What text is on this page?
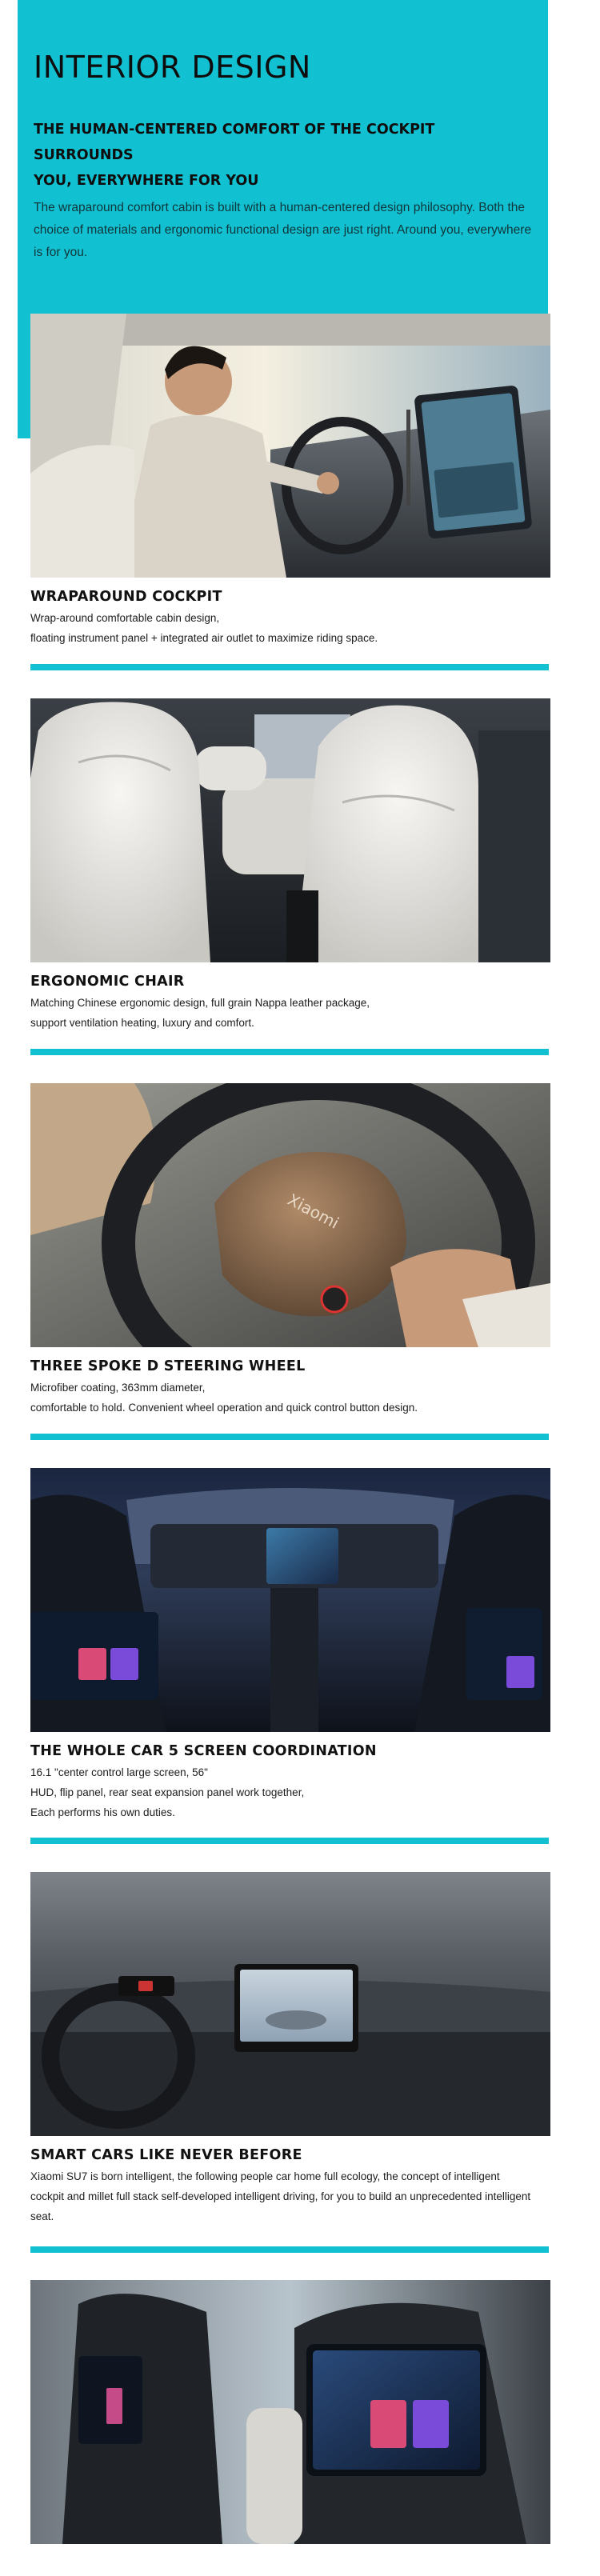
INTERIOR DESIGN
THE HUMAN-CENTERED COMFORT OF THE COCKPIT SURROUNDS
YOU, EVERYWHERE FOR YOU
The wraparound comfort cabin is built with a human-centered design philosophy. Both the
choice of materials and ergonomic functional design are just right. Around you, everywhere
is for you.
WRAPAROUND COCKPIT
Wrap-around comfortable cabin design,
floating instrument panel + integrated air outlet to maximize riding space.
ERGONOMIC CHAIR
Matching Chinese ergonomic design, full grain Nappa leather package,
support ventilation heating, luxury and comfort.
Xiaomi
THREE SPOKE D STEERING WHEEL
Microfiber coating, 363mm diameter,
comfortable to hold. Convenient wheel operation and quick control button design.
THE WHOLE CAR 5 SCREEN COORDINATION
16.1 "center control large screen, 56"
HUD, flip panel, rear seat expansion panel work together,
Each performs his own duties.
SMART CARS LIKE NEVER BEFORE
Xiaomi SU7 is born intelligent, the following people car home full ecology, the concept of intelligent
cockpit and millet full stack self-developed intelligent driving, for you to build an unprecedented intelligent
seat.
